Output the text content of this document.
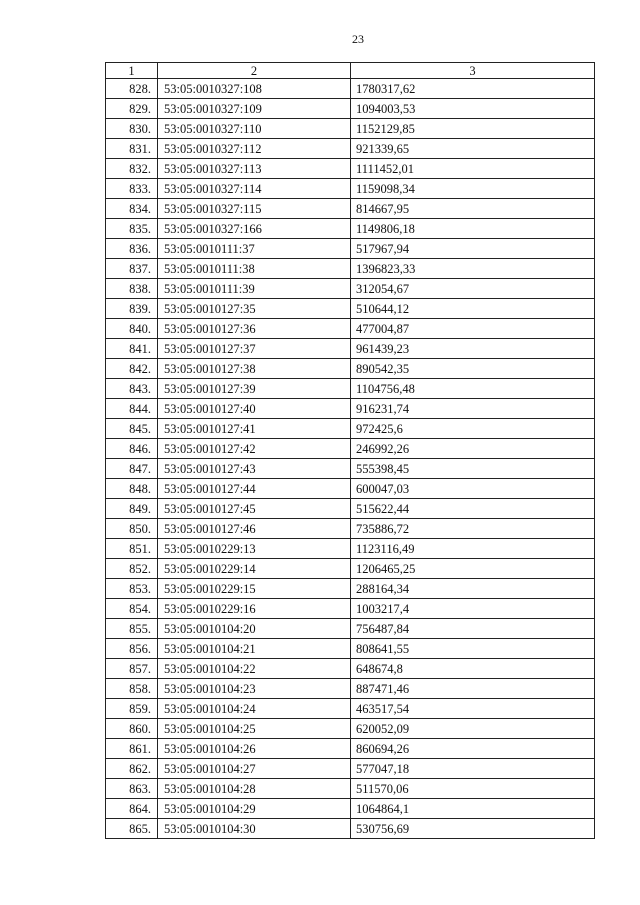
23
1	2	3
828.	53:05:0010327:108	1780317,62
829.	53:05:0010327:109	1094003,53
830.	53:05:0010327:110	1152129,85
831.	53:05:0010327:112	921339,65
832.	53:05:0010327:113	1111452,01
833.	53:05:0010327:114	1159098,34
834.	53:05:0010327:115	814667,95
835.	53:05:0010327:166	1149806,18
836.	53:05:0010111:37	517967,94
837.	53:05:0010111:38	1396823,33
838.	53:05:0010111:39	312054,67
839.	53:05:0010127:35	510644,12
840.	53:05:0010127:36	477004,87
841.	53:05:0010127:37	961439,23
842.	53:05:0010127:38	890542,35
843.	53:05:0010127:39	1104756,48
844.	53:05:0010127:40	916231,74
845.	53:05:0010127:41	972425,6
846.	53:05:0010127:42	246992,26
847.	53:05:0010127:43	555398,45
848.	53:05:0010127:44	600047,03
849.	53:05:0010127:45	515622,44
850.	53:05:0010127:46	735886,72
851.	53:05:0010229:13	1123116,49
852.	53:05:0010229:14	1206465,25
853.	53:05:0010229:15	288164,34
854.	53:05:0010229:16	1003217,4
855.	53:05:0010104:20	756487,84
856.	53:05:0010104:21	808641,55
857.	53:05:0010104:22	648674,8
858.	53:05:0010104:23	887471,46
859.	53:05:0010104:24	463517,54
860.	53:05:0010104:25	620052,09
861.	53:05:0010104:26	860694,26
862.	53:05:0010104:27	577047,18
863.	53:05:0010104:28	511570,06
864.	53:05:0010104:29	1064864,1
865.	53:05:0010104:30	530756,69
